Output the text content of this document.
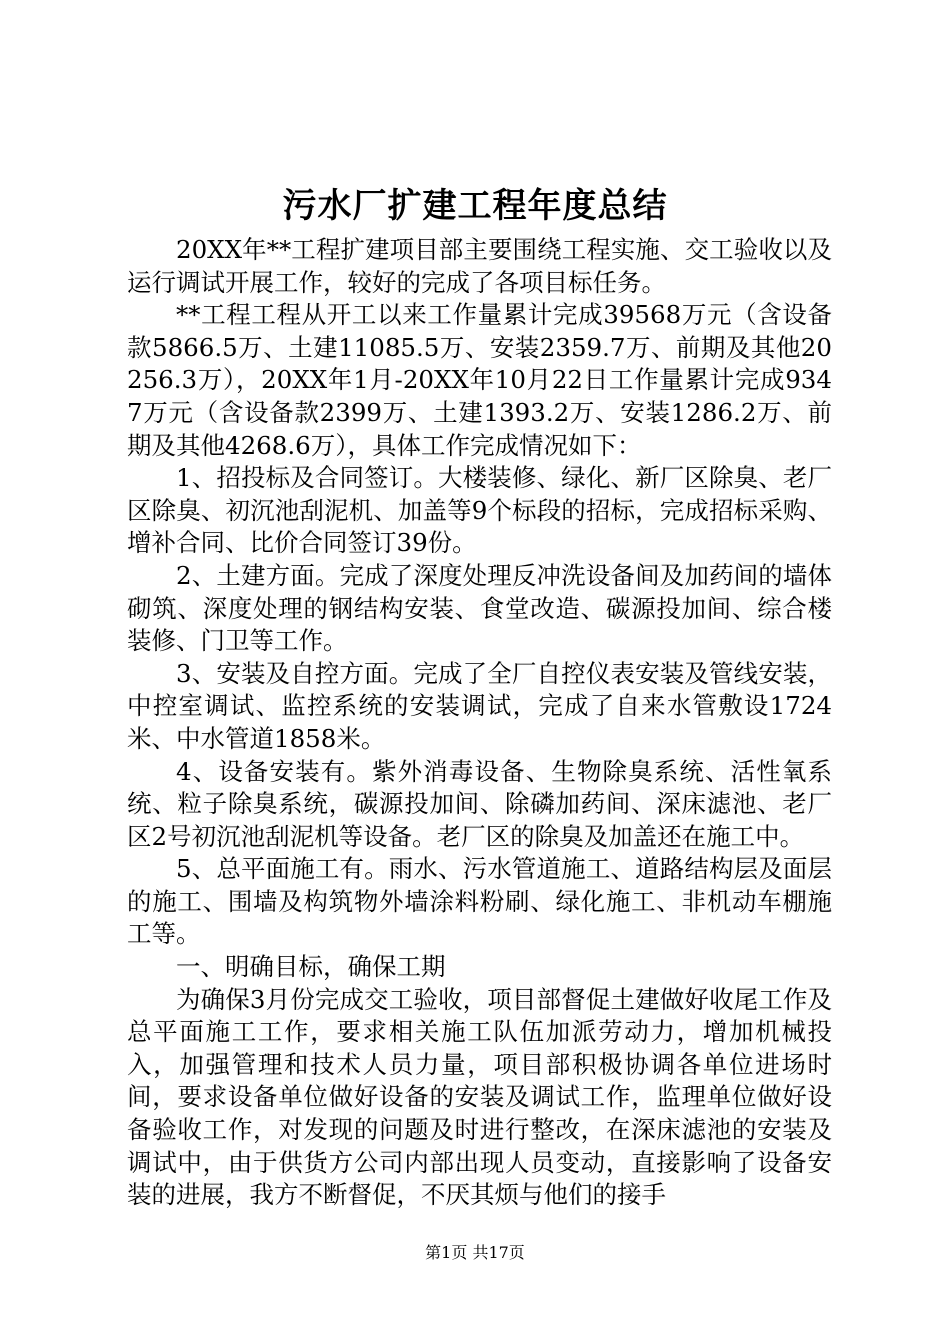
污水厂扩建工程年度总结

20XX年**工程扩建项目部主要围绕工程实施、交工验收以及运行调试开展工作，较好的完成了各项目标任务。

**工程工程从开工以来工作量累计完成39568万元（含设备款5866.5万、土建11085.5万、安装2359.7万、前期及其他20256.3万），20XX年1月-20XX年10月22日工作量累计完成9347万元（含设备款2399万、土建1393.2万、安装1286.2万、前期及其他4268.6万），具体工作完成情况如下：

1、招投标及合同签订。大楼装修、绿化、新厂区除臭、老厂区除臭、初沉池刮泥机、加盖等9个标段的招标，完成招标采购、增补合同、比价合同签订39份。

2、土建方面。完成了深度处理反冲洗设备间及加药间的墙体砌筑、深度处理的钢结构安装、食堂改造、碳源投加间、综合楼装修、门卫等工作。

3、安装及自控方面。完成了全厂自控仪表安装及管线安装，中控室调试、监控系统的安装调试，完成了自来水管敷设1724米、中水管道1858米。

4、设备安装有。紫外消毒设备、生物除臭系统、活性氧系统、粒子除臭系统，碳源投加间、除磷加药间、深床滤池、老厂区2号初沉池刮泥机等设备。老厂区的除臭及加盖还在施工中。

5、总平面施工有。雨水、污水管道施工、道路结构层及面层的施工、围墙及构筑物外墙涂料粉刷、绿化施工、非机动车棚施工等。

一、明确目标，确保工期

为确保3月份完成交工验收，项目部督促土建做好收尾工作及总平面施工工作，要求相关施工队伍加派劳动力，增加机械投入，加强管理和技术人员力量，项目部积极协调各单位进场时间，要求设备单位做好设备的安装及调试工作，监理单位做好设备验收工作，对发现的问题及时进行整改，在深床滤池的安装及调试中，由于供货方公司内部出现人员变动，直接影响了设备安装的进展，我方不断督促，不厌其烦与他们的接手

第1页 共17页
